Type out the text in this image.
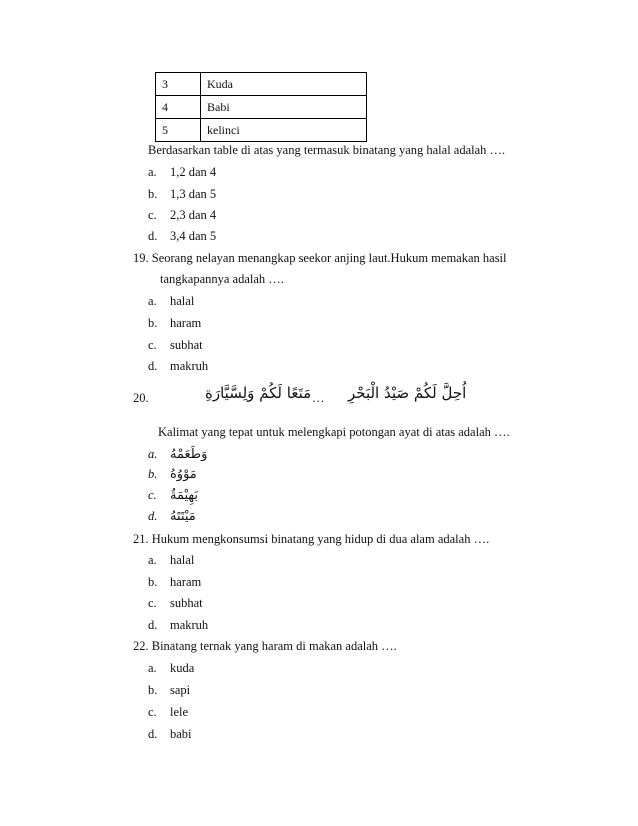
3	Kuda
4	Babi
5	kelinci
Berdasarkan table di atas yang termasuk binatang yang halal adalah ….
a. 1,2 dan 4
b. 1,3 dan 5
c. 2,3 dan 4
d. 3,4 dan 5
19. Seorang nelayan menangkap seekor anjing laut.Hukum memakan hasil
tangkapannya adalah ….
a. halal
b. haram
c. subhat
d. makruh
20.	مَتَعًا لَكُمْ وَلِسَّيَّارَةِ … اُحِلَّ لَكُمْ صَيْدُ الْبَحْرِ
Kalimat yang tepat untuk melengkapi potongan ayat di atas adalah ….
a. وَطَعَمْهُ
b. مَوْوُهُ
c. بَهِيْمَةٌ
d. مَيْتَتَهُ
21. Hukum mengkonsumsi binatang yang hidup di dua alam adalah ….
a. halal
b. haram
c. subhat
d. makruh
22. Binatang ternak yang haram di makan adalah ….
a. kuda
b. sapi
c. lele
d. babi
